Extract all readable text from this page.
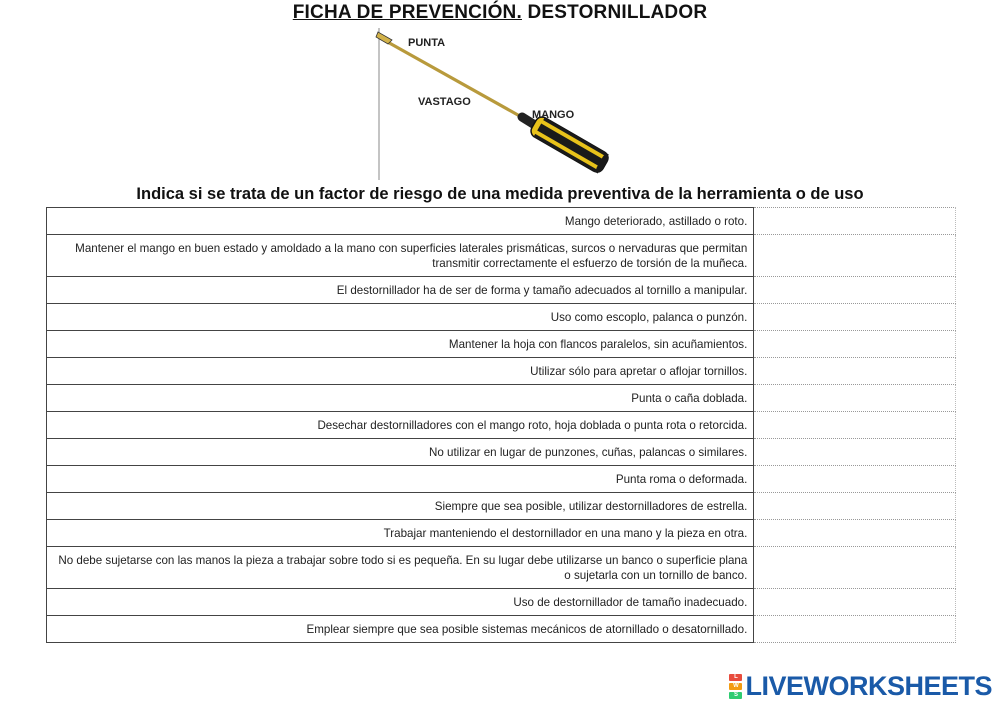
FICHA DE PREVENCIÓN. DESTORNILLADOR
PUNTA
VASTAGO
MANGO
Indica si se trata de un factor de riesgo de una medida preventiva de la herramienta o de uso
Mango deteriorado, astillado o roto.	
Mantener el mango en buen estado y amoldado a la mano con superficies laterales prismáticas, surcos o nervaduras que permitan transmitir correctamente el esfuerzo de torsión de la muñeca.	
El destornillador ha de ser de forma y tamaño adecuados al tornillo a manipular.	
Uso como escoplo, palanca o punzón.	
Mantener la hoja con flancos paralelos, sin acuñamientos.	
Utilizar sólo para apretar o aflojar tornillos.	
Punta o caña doblada.	
Desechar destornilladores con el mango roto, hoja doblada o punta rota o retorcida.	
No utilizar en lugar de punzones, cuñas, palancas o similares.	
Punta roma o deformada.	
Siempre que sea posible, utilizar destornilladores de estrella.	
Trabajar manteniendo el destornillador en una mano y la pieza en otra.	
No debe sujetarse con las manos la pieza a trabajar sobre todo si es pequeña. En su lugar debe utilizarse un banco o superficie plana o sujetarla con un tornillo de banco.	
Uso de destornillador de tamaño inadecuado.	
Emplear siempre que sea posible sistemas mecánicos de atornillado o desatornillado.	
L
W
S LIVEWORKSHEETS
